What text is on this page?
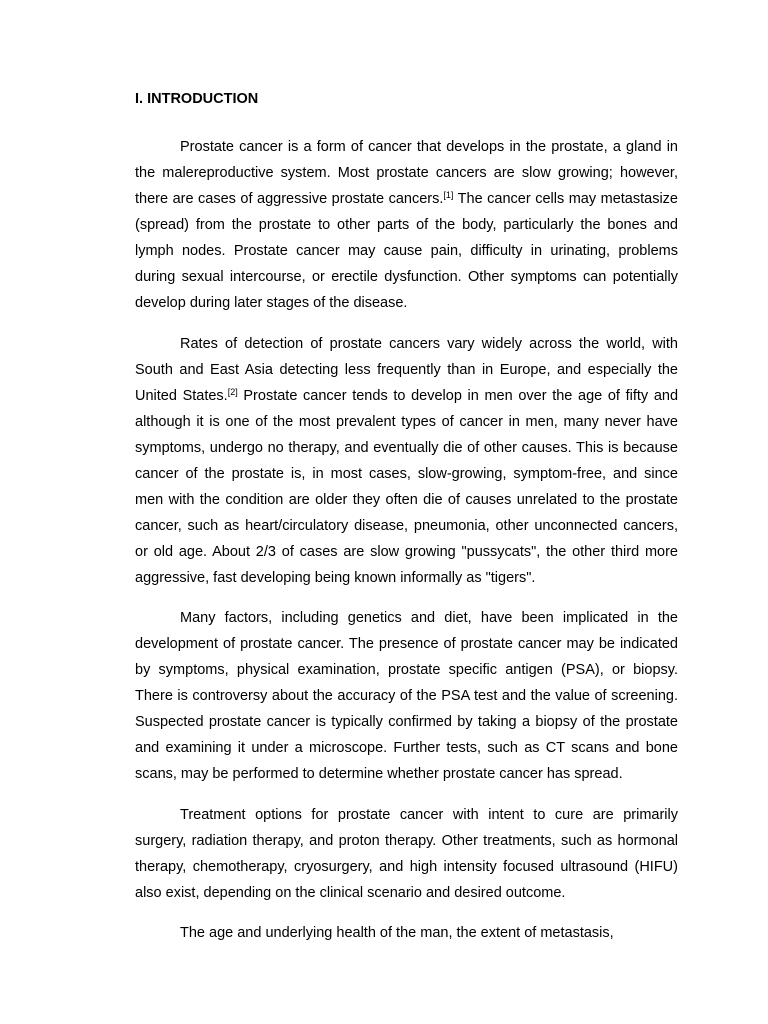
I. INTRODUCTION

Prostate cancer is a form of cancer that develops in the prostate, a gland in the malereproductive system. Most prostate cancers are slow growing; however, there are cases of aggressive prostate cancers.[1] The cancer cells may metastasize (spread) from the prostate to other parts of the body, particularly the bones and lymph nodes. Prostate cancer may cause pain, difficulty in urinating, problems during sexual intercourse, or erectile dysfunction. Other symptoms can potentially develop during later stages of the disease.

Rates of detection of prostate cancers vary widely across the world, with South and East Asia detecting less frequently than in Europe, and especially the United States.[2] Prostate cancer tends to develop in men over the age of fifty and although it is one of the most prevalent types of cancer in men, many never have symptoms, undergo no therapy, and eventually die of other causes. This is because cancer of the prostate is, in most cases, slow-growing, symptom-free, and since men with the condition are older they often die of causes unrelated to the prostate cancer, such as heart/circulatory disease, pneumonia, other unconnected cancers, or old age. About 2/3 of cases are slow growing "pussycats", the other third more aggressive, fast developing being known informally as "tigers".

Many factors, including genetics and diet, have been implicated in the development of prostate cancer. The presence of prostate cancer may be indicated by symptoms, physical examination, prostate specific antigen (PSA), or biopsy. There is controversy about the accuracy of the PSA test and the value of screening. Suspected prostate cancer is typically confirmed by taking a biopsy of the prostate and examining it under a microscope. Further tests, such as CT scans and bone scans, may be performed to determine whether prostate cancer has spread.

Treatment options for prostate cancer with intent to cure are primarily surgery, radiation therapy, and proton therapy. Other treatments, such as hormonal therapy, chemotherapy, cryosurgery, and high intensity focused ultrasound (HIFU) also exist, depending on the clinical scenario and desired outcome.

The age and underlying health of the man, the extent of metastasis,
